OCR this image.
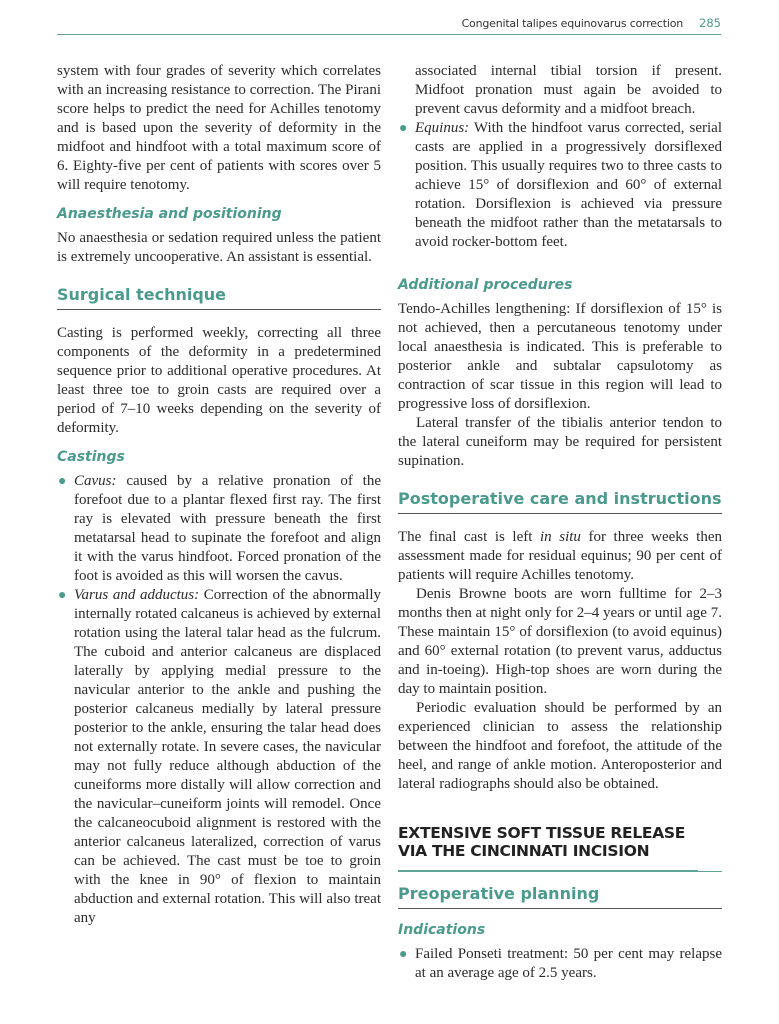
Congenital talipes equinovarus correction 285

system with four grades of severity which correlates with an increasing resistance to correction. The Pirani score helps to predict the need for Achilles tenotomy and is based upon the severity of deformity in the midfoot and hindfoot with a total maximum score of 6. Eighty-five per cent of patients with scores over 5 will require tenotomy.

Anaesthesia and positioning

No anaesthesia or sedation required unless the patient is extremely uncooperative. An assistant is essential.

Surgical technique

Casting is performed weekly, correcting all three components of the deformity in a predetermined sequence prior to additional operative procedures. At least three toe to groin casts are required over a period of 7–10 weeks depending on the severity of deformity.

Castings
● Cavus: caused by a relative pronation of the forefoot due to a plantar flexed first ray. The first ray is elevated with pressure beneath the first metatarsal head to supinate the forefoot and align it with the varus hindfoot. Forced pronation of the foot is avoided as this will worsen the cavus.
● Varus and adductus: Correction of the abnormally internally rotated calcaneus is achieved by external rotation using the lateral talar head as the fulcrum. The cuboid and anterior calcaneus are displaced laterally by applying medial pressure to the navicular anterior to the ankle and pushing the posterior calcaneus medially by lateral pressure posterior to the ankle, ensuring the talar head does not externally rotate. In severe cases, the navicular may not fully reduce although abduction of the cuneiforms more distally will allow correction and the navicular–cuneiform joints will remodel. Once the calcaneocuboid alignment is restored with the anterior calcaneus lateralized, correction of varus can be achieved. The cast must be toe to groin with the knee in 90° of flexion to maintain abduction and external rotation. This will also treat any

associated internal tibial torsion if present. Midfoot pronation must again be avoided to prevent cavus deformity and a midfoot breach.

● Equinus: With the hindfoot varus corrected, serial casts are applied in a progressively dorsiflexed position. This usually requires two to three casts to achieve 15° of dorsiflexion and 60° of external rotation. Dorsiflexion is achieved via pressure beneath the midfoot rather than the metatarsals to avoid rocker-bottom feet.
Additional procedures

Tendo-Achilles lengthening: If dorsiflexion of 15° is not achieved, then a percutaneous tenotomy under local anaesthesia is indicated. This is preferable to posterior ankle and subtalar capsulotomy as contraction of scar tissue in this region will lead to progressive loss of dorsiflexion.

Lateral transfer of the tibialis anterior tendon to the lateral cuneiform may be required for persistent supination.

Postoperative care and instructions

The final cast is left in situ for three weeks then assessment made for residual equinus; 90 per cent of patients will require Achilles tenotomy.

Denis Browne boots are worn fulltime for 2–3 months then at night only for 2–4 years or until age 7. These maintain 15° of dorsiflexion (to avoid equinus) and 60° external rotation (to prevent varus, adductus and in-toeing). High-top shoes are worn during the day to maintain position.

Periodic evaluation should be performed by an experienced clinician to assess the relationship between the hindfoot and forefoot, the attitude of the heel, and range of ankle motion. Anteroposterior and lateral radiographs should also be obtained.

EXTENSIVE SOFT TISSUE RELEASE VIA THE CINCINNATI INCISION
Preoperative planning
Indications
● Failed Ponseti treatment: 50 per cent may relapse at an average age of 2.5 years.
